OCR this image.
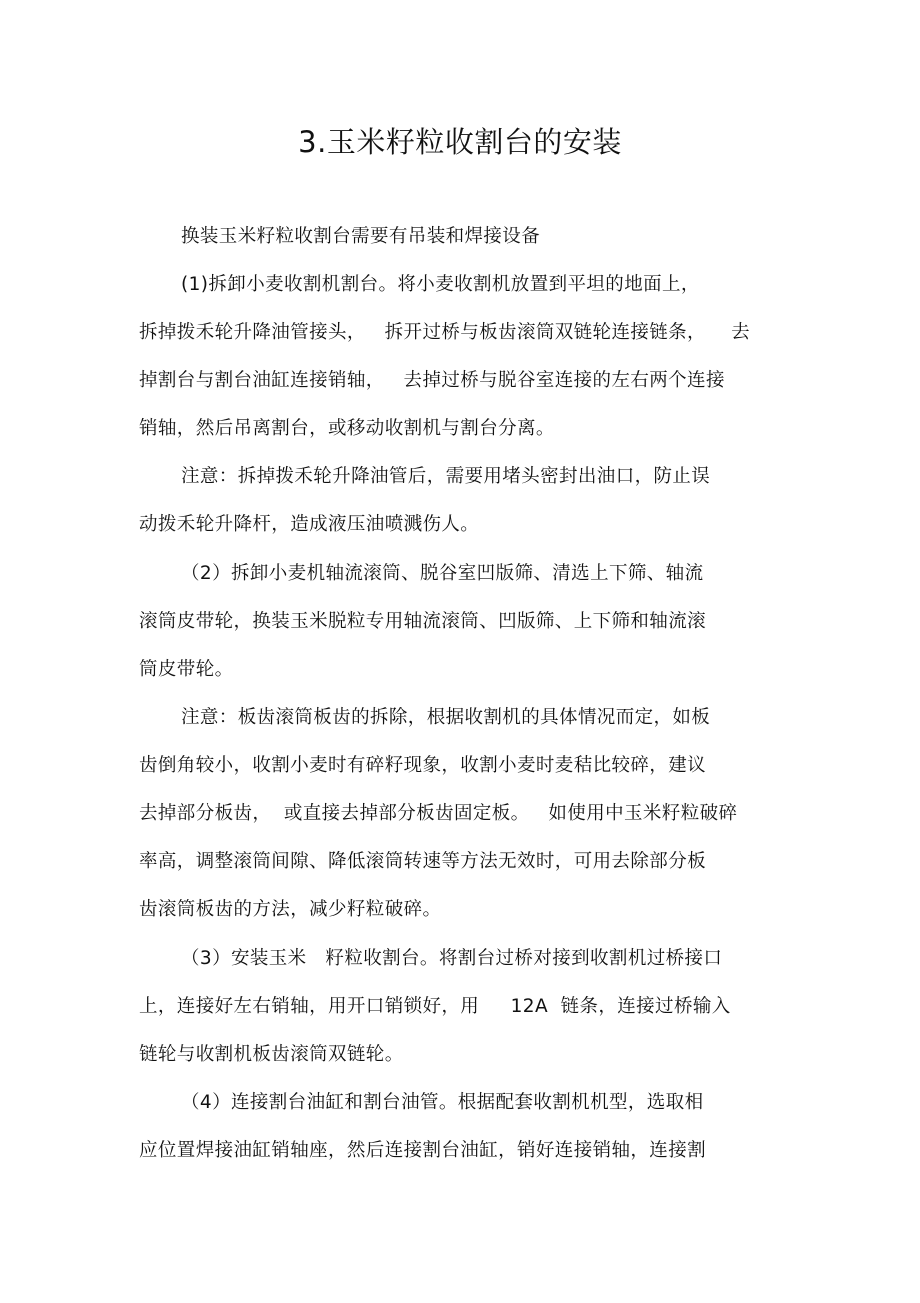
3.玉米籽粒收割台的安装
换装玉米籽粒收割台需要有吊装和焊接设备
(1)拆卸小麦收割机割台。将小麦收割机放置到平坦的地面上，
拆掉拨禾轮升降油管接头，   拆开过桥与板齿滚筒双链轮连接链条，    去
掉割台与割台油缸连接销轴，   去掉过桥与脱谷室连接的左右两个连接
销轴，然后吊离割台，或移动收割机与割台分离。
注意：拆掉拨禾轮升降油管后，需要用堵头密封出油口，防止误
动拨禾轮升降杆，造成液压油喷溅伤人。
（2）拆卸小麦机轴流滚筒、脱谷室凹版筛、清选上下筛、轴流
滚筒皮带轮，换装玉米脱粒专用轴流滚筒、凹版筛、上下筛和轴流滚
筒皮带轮。
注意：板齿滚筒板齿的拆除，根据收割机的具体情况而定，如板
齿倒角较小，收割小麦时有碎籽现象，收割小麦时麦秸比较碎，建议
去掉部分板齿，  或直接去掉部分板齿固定板。   如使用中玉米籽粒破碎
率高，调整滚筒间隙、降低滚筒转速等方法无效时，可用去除部分板
齿滚筒板齿的方法，减少籽粒破碎。
（3）安装玉米   籽粒收割台。将割台过桥对接到收割机过桥接口
上，连接好左右销轴，用开口销锁好，用     12A  链条，连接过桥输入
链轮与收割机板齿滚筒双链轮。
（4）连接割台油缸和割台油管。根据配套收割机机型，选取相
应位置焊接油缸销轴座，然后连接割台油缸，销好连接销轴，连接割
